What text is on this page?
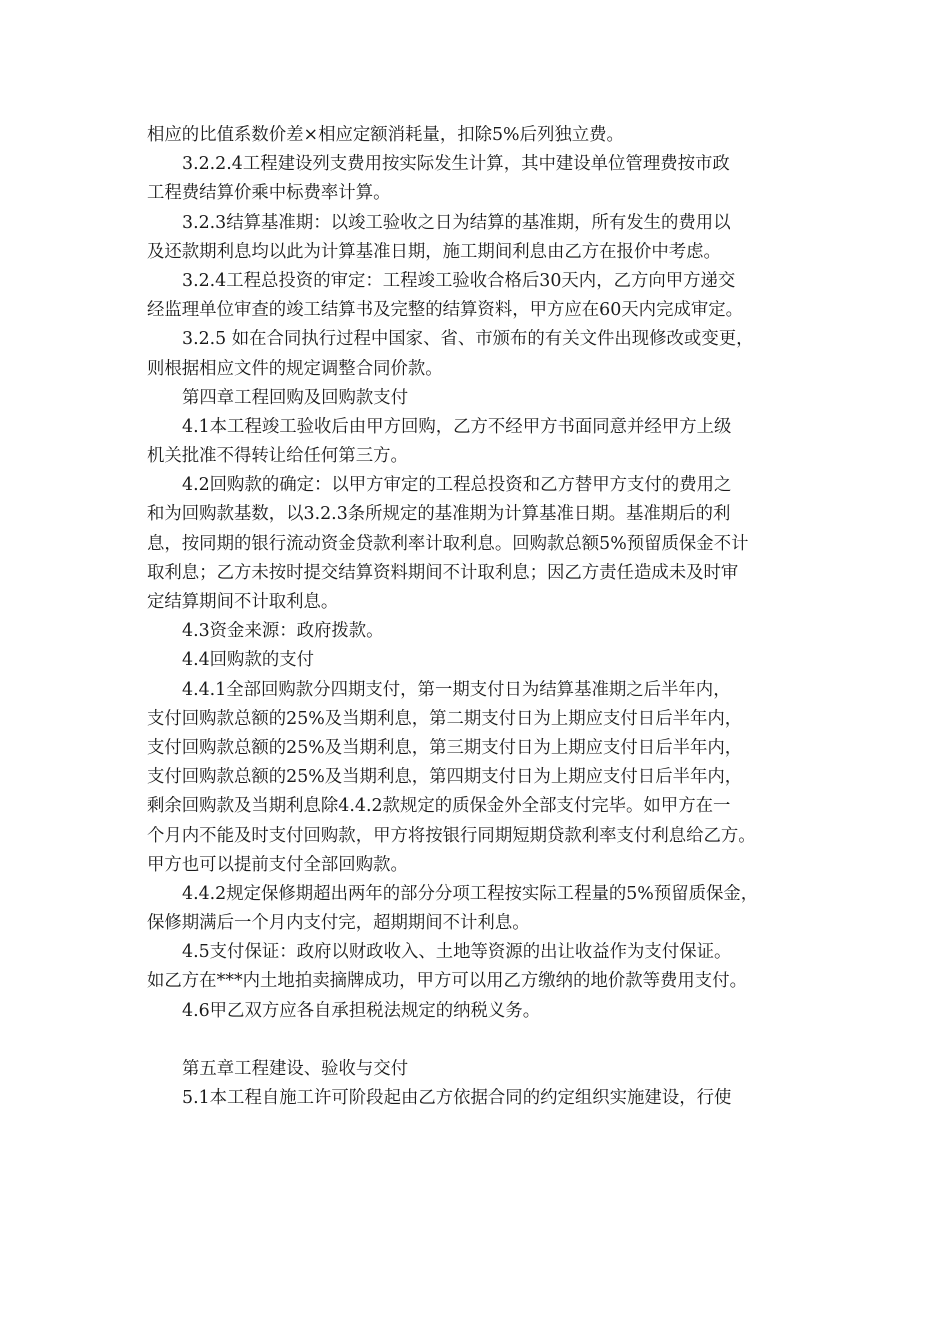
相应的比值系数价差×相应定额消耗量，扣除5%后列独立费。
3.2.2.4工程建设列支费用按实际发生计算，其中建设单位管理费按市政
工程费结算价乘中标费率计算。
3.2.3结算基准期：以竣工验收之日为结算的基准期，所有发生的费用以
及还款期利息均以此为计算基准日期，施工期间利息由乙方在报价中考虑。
3.2.4工程总投资的审定：工程竣工验收合格后30天内，乙方向甲方递交
经监理单位审查的竣工结算书及完整的结算资料，甲方应在60天内完成审定。
3.2.5 如在合同执行过程中国家、省、市颁布的有关文件出现修改或变更，
则根据相应文件的规定调整合同价款。
第四章工程回购及回购款支付
4.1本工程竣工验收后由甲方回购，乙方不经甲方书面同意并经甲方上级
机关批准不得转让给任何第三方。
4.2回购款的确定：以甲方审定的工程总投资和乙方替甲方支付的费用之
和为回购款基数，以3.2.3条所规定的基准期为计算基准日期。基准期后的利
息，按同期的银行流动资金贷款利率计取利息。回购款总额5%预留质保金不计
取利息；乙方未按时提交结算资料期间不计取利息；因乙方责任造成未及时审
定结算期间不计取利息。
4.3资金来源：政府拨款。
4.4回购款的支付
4.4.1全部回购款分四期支付，第一期支付日为结算基准期之后半年内，
支付回购款总额的25%及当期利息，第二期支付日为上期应支付日后半年内，
支付回购款总额的25%及当期利息，第三期支付日为上期应支付日后半年内，
支付回购款总额的25%及当期利息，第四期支付日为上期应支付日后半年内，
剩余回购款及当期利息除4.4.2款规定的质保金外全部支付完毕。如甲方在一
个月内不能及时支付回购款，甲方将按银行同期短期贷款利率支付利息给乙方。
甲方也可以提前支付全部回购款。
4.4.2规定保修期超出两年的部分分项工程按实际工程量的5%预留质保金，
保修期满后一个月内支付完，超期期间不计利息。
4.5支付保证：政府以财政收入、土地等资源的出让收益作为支付保证。
如乙方在***内土地拍卖摘牌成功，甲方可以用乙方缴纳的地价款等费用支付。
4.6甲乙双方应各自承担税法规定的纳税义务。
第五章工程建设、验收与交付
5.1本工程自施工许可阶段起由乙方依据合同的约定组织实施建设，行使
